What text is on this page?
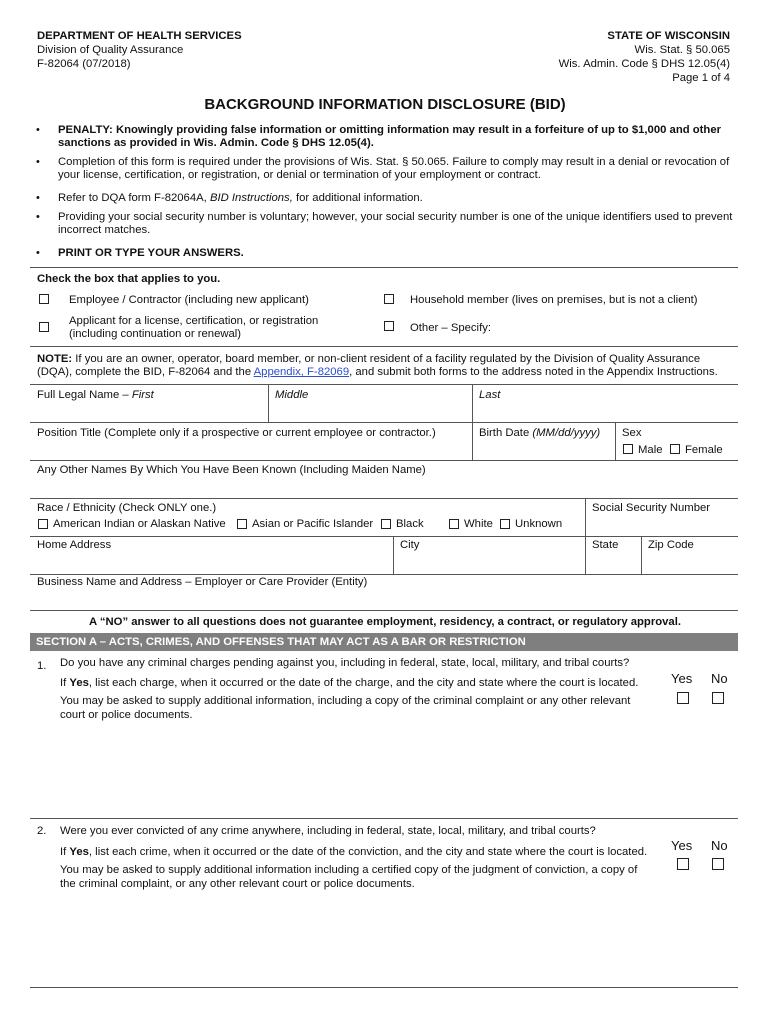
DEPARTMENT OF HEALTH SERVICES
Division of Quality Assurance
F-82064 (07/2018)
STATE OF WISCONSIN
Wis. Stat. § 50.065
Wis. Admin. Code § DHS 12.05(4)
Page 1 of 4
BACKGROUND INFORMATION DISCLOSURE (BID)
• PENALTY: Knowingly providing false information or omitting information may result in a forfeiture of up to $1,000 and other sanctions as provided in Wis. Admin. Code § DHS 12.05(4).
• Completion of this form is required under the provisions of Wis. Stat. § 50.065. Failure to comply may result in a denial or revocation of your license, certification, or registration, or denial or termination of your employment or contract.
• Refer to DQA form F-82064A, BID Instructions, for additional information.
• Providing your social security number is voluntary; however, your social security number is one of the unique identifiers used to prevent incorrect matches.
• PRINT OR TYPE YOUR ANSWERS.
Check the box that applies to you.
Employee / Contractor (including new applicant)	Household member (lives on premises, but is not a client)
Applicant for a license, certification, or registration
(including continuation or renewal)	Other – Specify:
NOTE: If you are an owner, operator, board member, or non-client resident of a facility regulated by the Division of Quality Assurance (DQA), complete the BID, F-82064 and the Appendix, F-82069, and submit both forms to the address noted in the Appendix Instructions.
Full Legal Name – First	Middle	Last
Position Title (Complete only if a prospective or current employee or contractor.)	Birth Date (MM/dd/yyyy) Sex
Male Female
Any Other Names By Which You Have Been Known (Including Maiden Name)
Race / Ethnicity (Check ONLY one.)	Social Security Number
American Indian or Alaskan Native Asian or Pacific Islander Black	White Unknown
Home Address	City	State	Zip Code
Business Name and Address – Employer or Care Provider (Entity)
A “NO” answer to all questions does not guarantee employment, residency, a contract, or regulatory approval.
SECTION A – ACTS, CRIMES, AND OFFENSES THAT MAY ACT AS A BAR OR RESTRICTION
1. Do you have any criminal charges pending against you, including in federal, state, local, military, and tribal courts?
If Yes, list each charge, when it occurred or the date of the charge, and the city and state where the court is located.
You may be asked to supply additional information, including a copy of the criminal complaint or any other relevant court or police documents.
Yes No
2. Were you ever convicted of any crime anywhere, including in federal, state, local, military, and tribal courts?
If Yes, list each crime, when it occurred or the date of the conviction, and the city and state where the court is located.
You may be asked to supply additional information including a certified copy of the judgment of conviction, a copy of the criminal complaint, or any other relevant court or police documents.
Yes No
